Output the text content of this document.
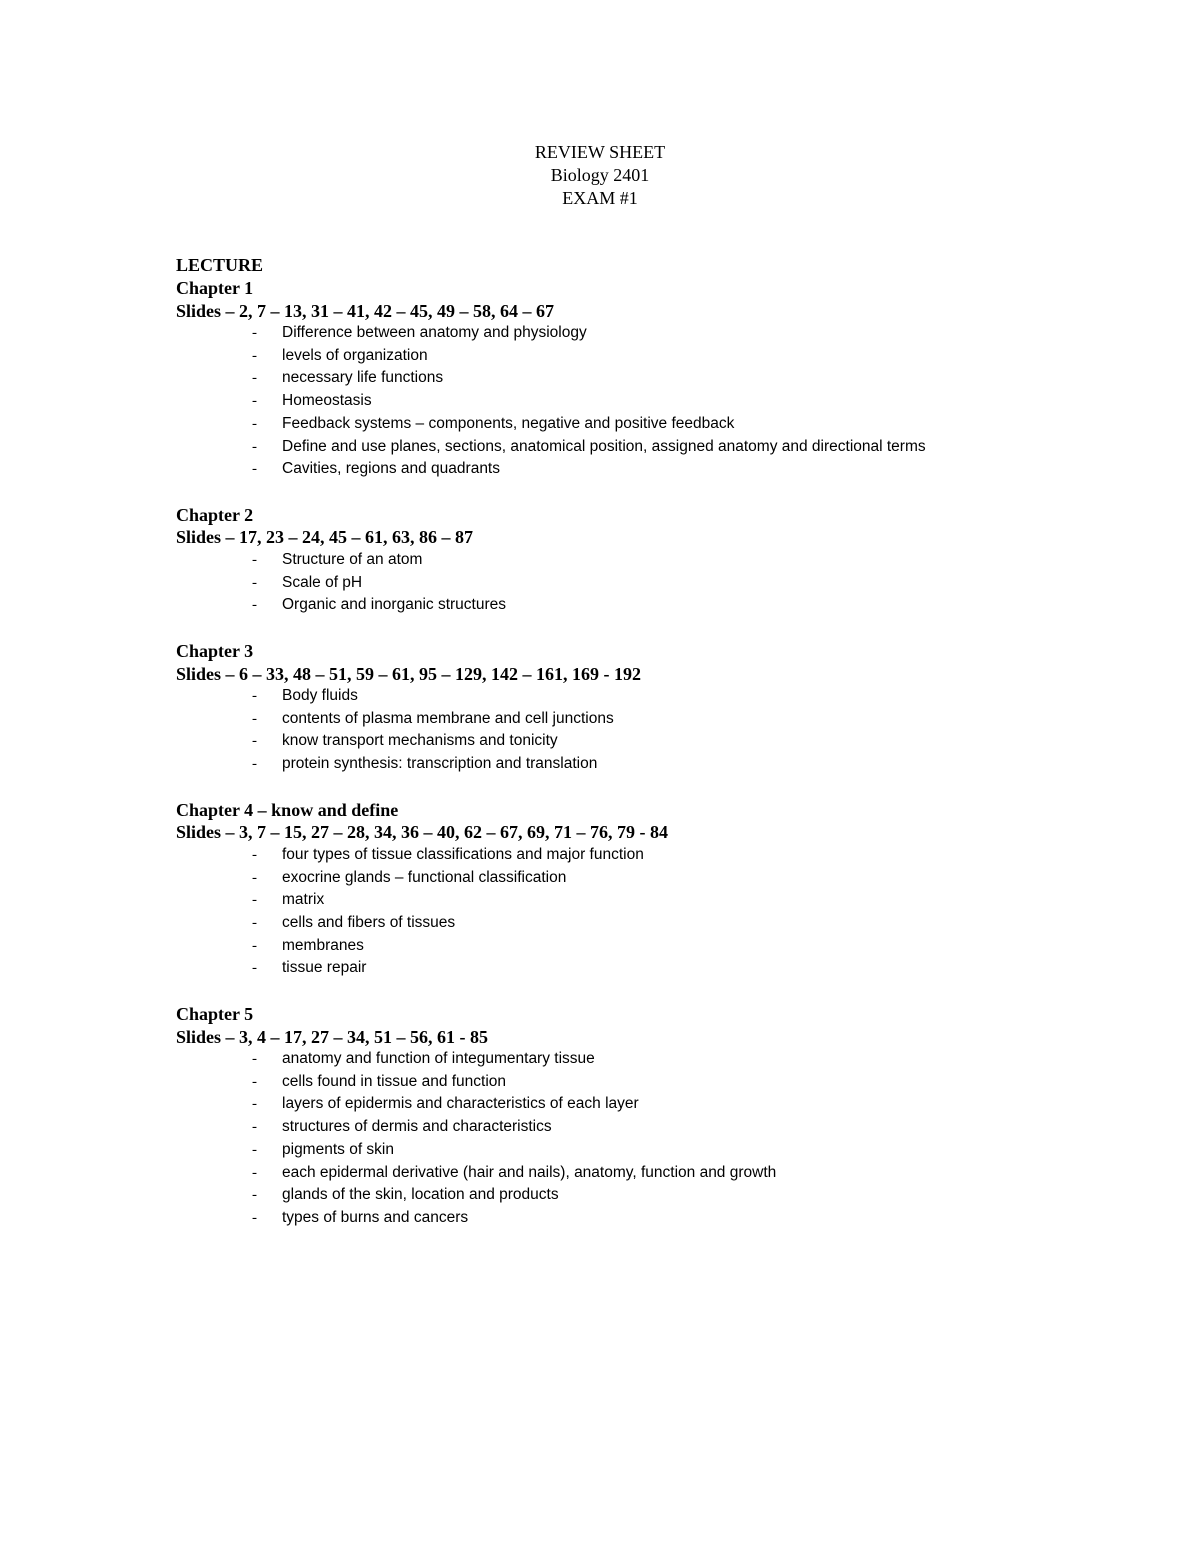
REVIEW SHEET
Biology 2401
EXAM #1
LECTURE
Chapter 1
Slides – 2, 7 – 13, 31 – 41, 42 – 45, 49 – 58, 64 – 67
- Difference between anatomy and physiology
- levels of organization
- necessary life functions
- Homeostasis
- Feedback systems – components, negative and positive feedback
- Define and use planes, sections, anatomical position, assigned anatomy and directional terms
- Cavities, regions and quadrants
Chapter 2
Slides – 17, 23 – 24, 45 – 61, 63, 86 – 87
- Structure of an atom
- Scale of pH
- Organic and inorganic structures
Chapter 3
Slides – 6 – 33, 48 – 51, 59 – 61, 95 – 129, 142 – 161, 169 - 192
- Body fluids
- contents of plasma membrane and cell junctions
- know transport mechanisms and tonicity
- protein synthesis: transcription and translation
Chapter 4 – know and define
Slides – 3, 7 – 15, 27 – 28, 34, 36 – 40, 62 – 67, 69, 71 – 76, 79 - 84
- four types of tissue classifications and major function
- exocrine glands – functional classification
- matrix
- cells and fibers of tissues
- membranes
- tissue repair
Chapter 5
Slides – 3, 4 – 17, 27 – 34, 51 – 56, 61 - 85
- anatomy and function of integumentary tissue
- cells found in tissue and function
- layers of epidermis and characteristics of each layer
- structures of dermis and characteristics
- pigments of skin
- each epidermal derivative (hair and nails), anatomy, function and growth
- glands of the skin, location and products
- types of burns and cancers
